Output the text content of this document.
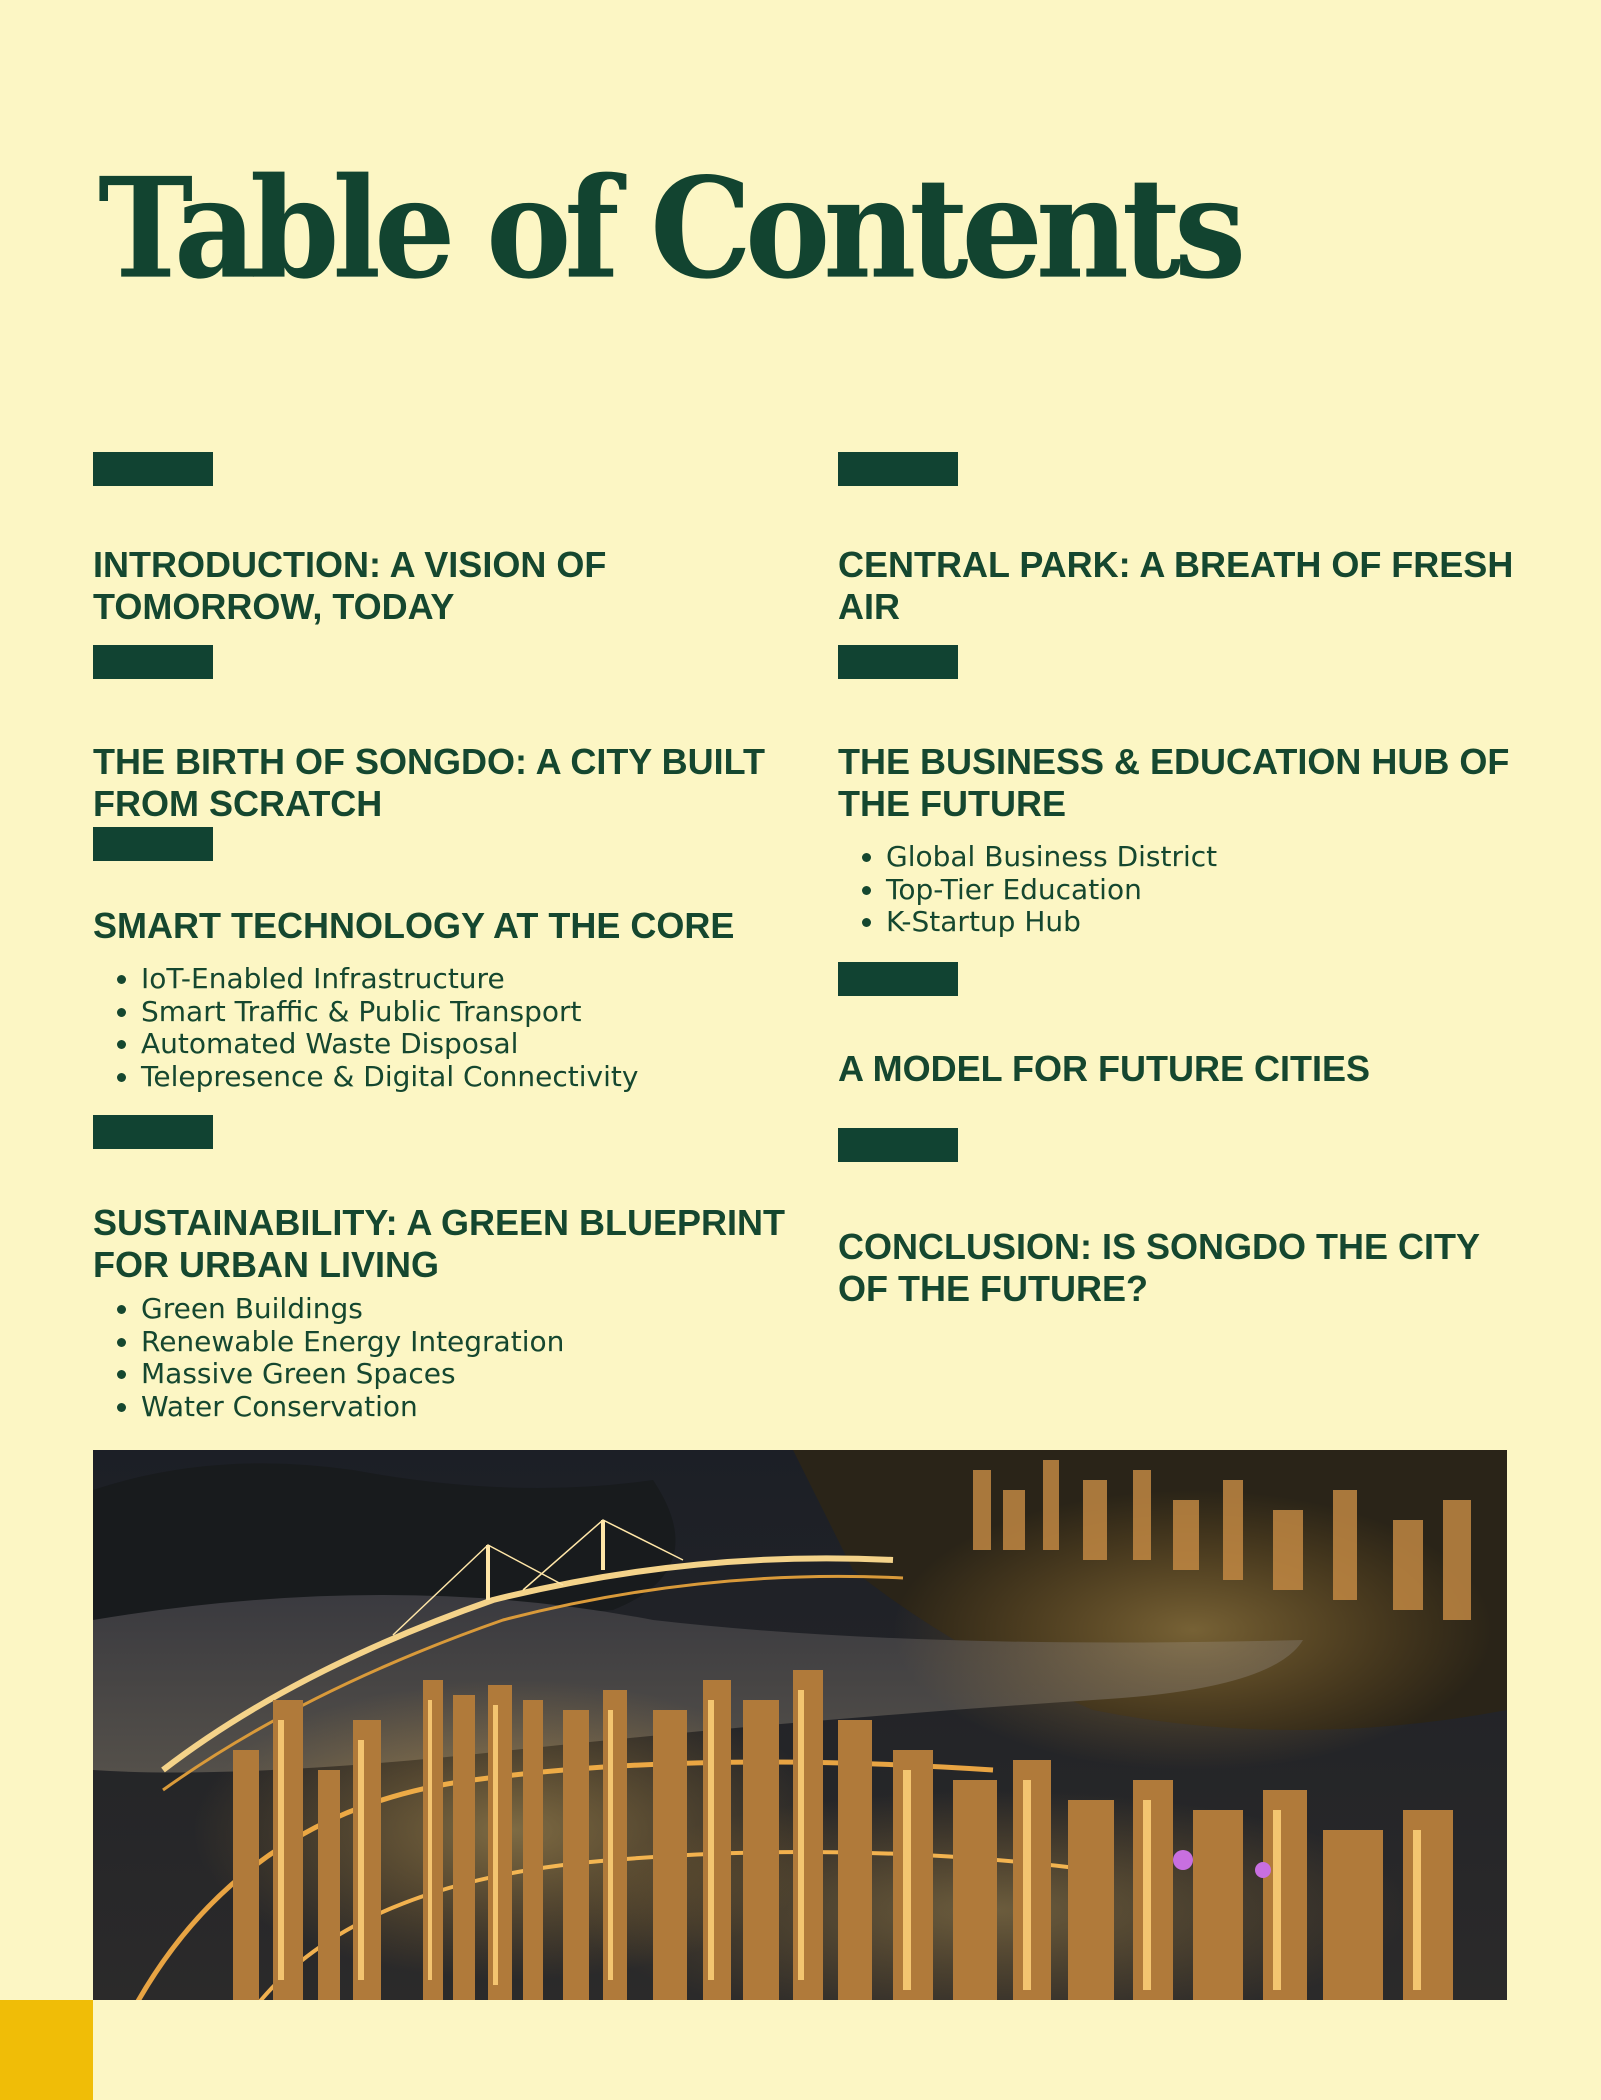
Table of Contents
INTRODUCTION: A VISION OF TOMORROW, TODAY
THE BIRTH OF SONGDO: A CITY BUILT FROM SCRATCH
SMART TECHNOLOGY AT THE CORE
• IoT-Enabled Infrastructure
• Smart Traffic & Public Transport
• Automated Waste Disposal
• Telepresence & Digital Connectivity
SUSTAINABILITY: A GREEN BLUEPRINT FOR URBAN LIVING
• Green Buildings
• Renewable Energy Integration
• Massive Green Spaces
• Water Conservation
CENTRAL PARK: A BREATH OF FRESH AIR
THE BUSINESS & EDUCATION HUB OF THE FUTURE
• Global Business District
• Top-Tier Education
• K-Startup Hub
A MODEL FOR FUTURE CITIES
CONCLUSION: IS SONGDO THE CITY OF THE FUTURE?
